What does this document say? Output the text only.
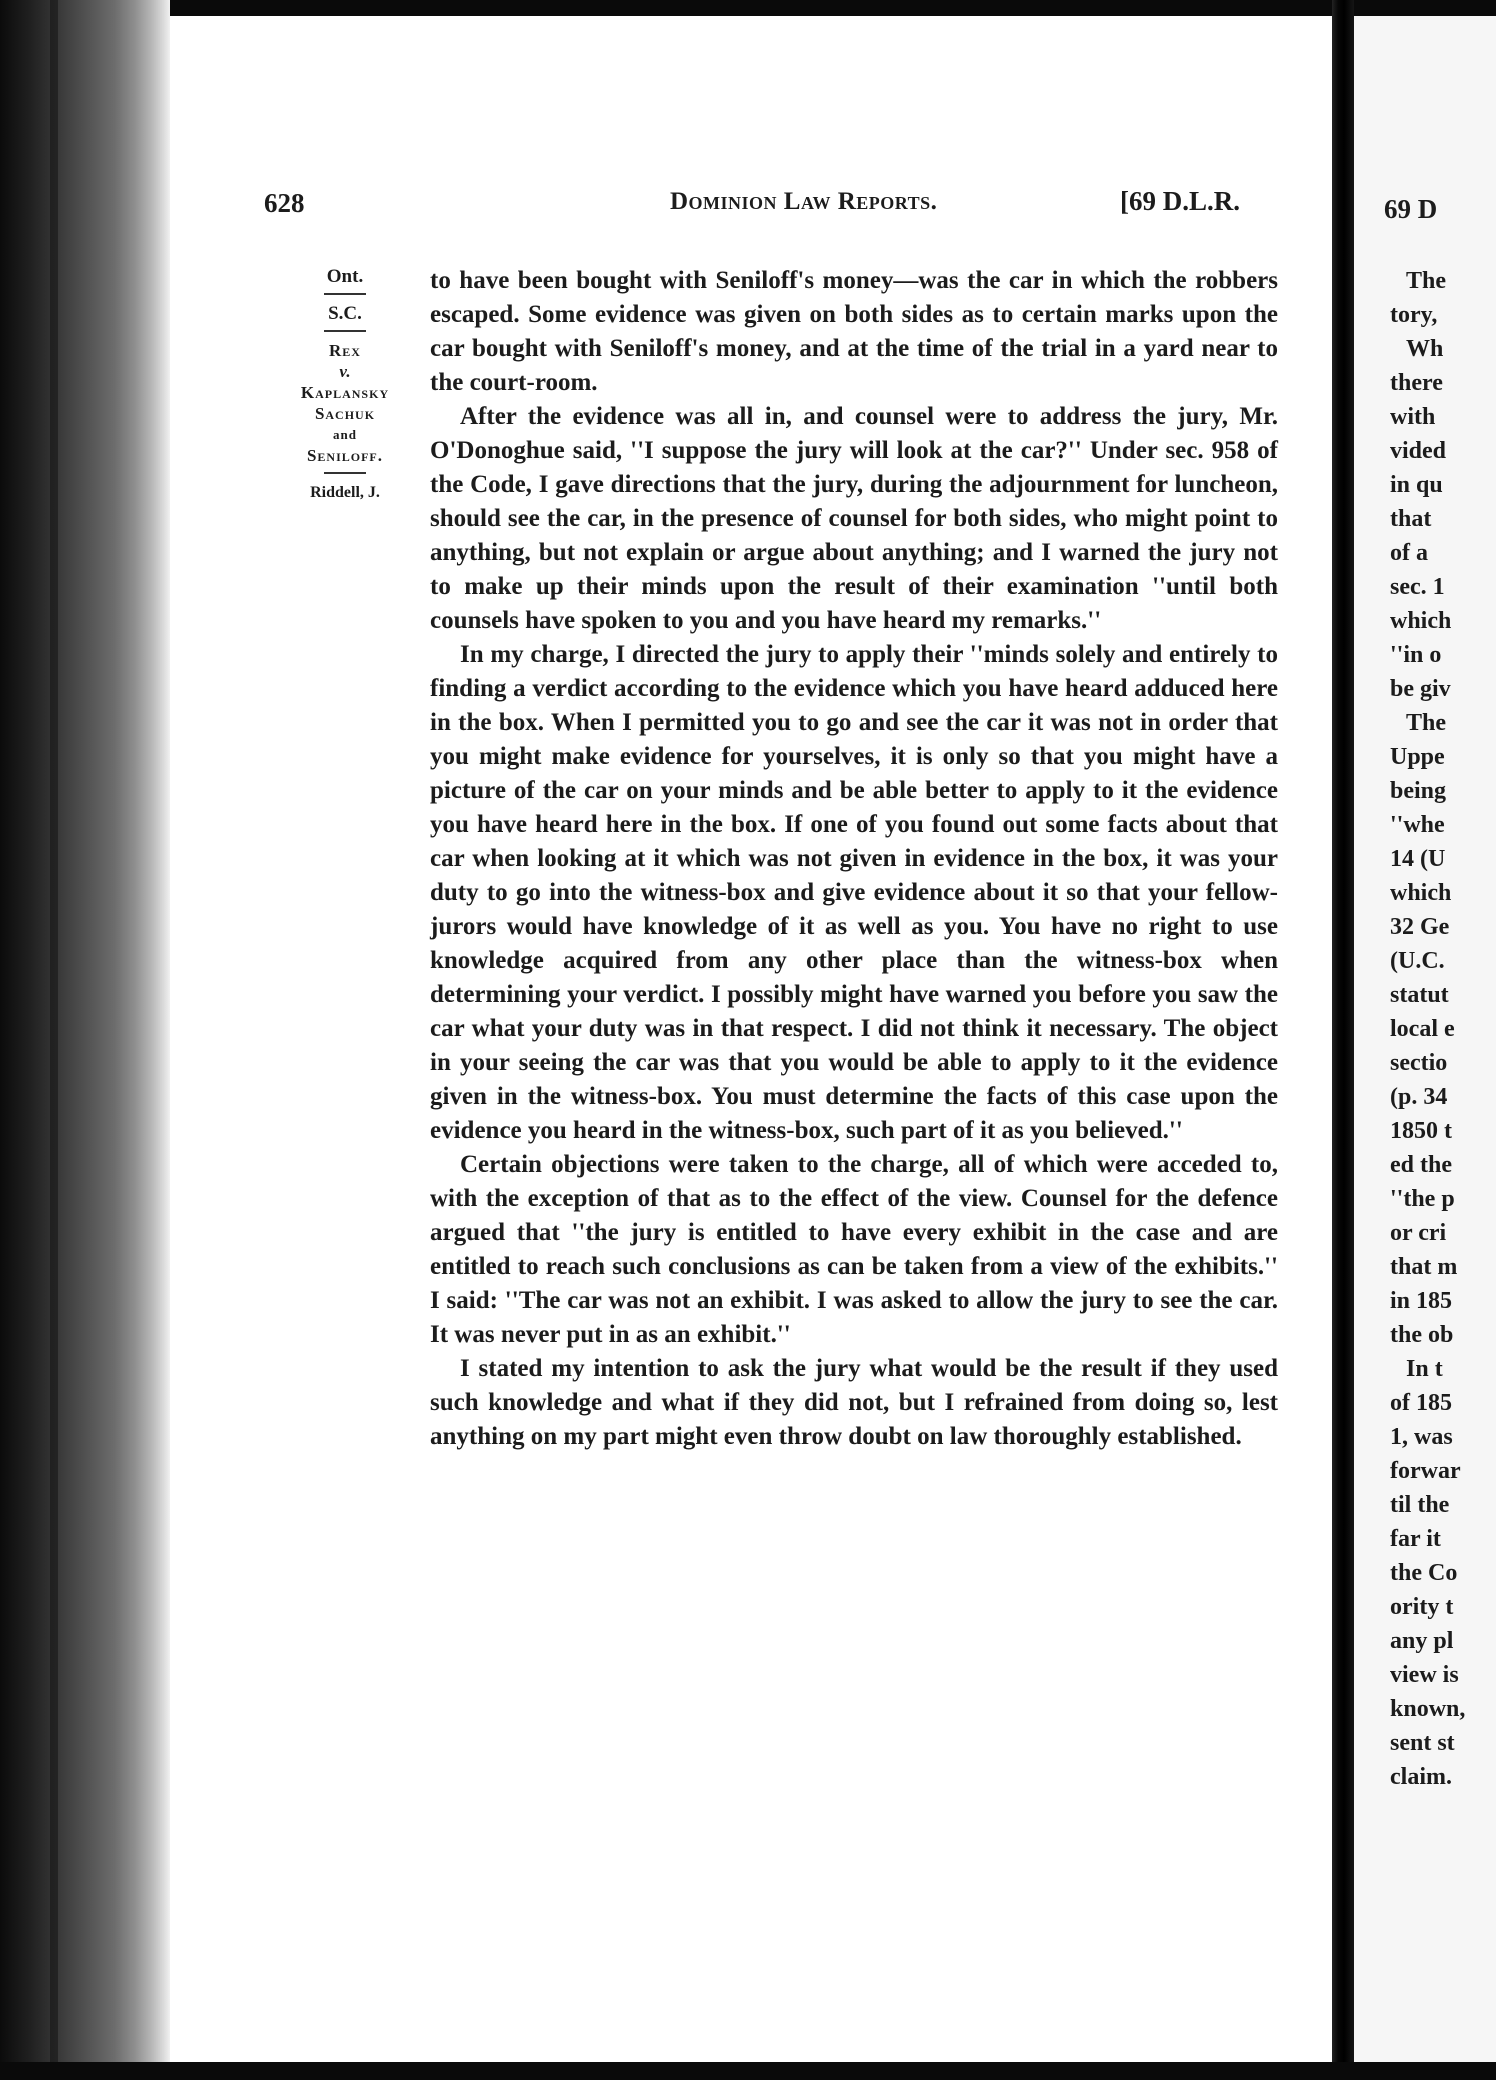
628	Dominion Law Reports.	[69 D.L.R.

Ont.
S.C.
Rex
v.
Kaplansky
Sachuk
and
Seniloff.
Riddell, J.

to have been bought with Seniloff's money—was the car in which the robbers escaped. Some evidence was given on both sides as to certain marks upon the car bought with Seniloff's money, and at the time of the trial in a yard near to the court-room.

After the evidence was all in, and counsel were to address the jury, Mr. O'Donoghue said, ''I suppose the jury will look at the car?'' Under sec. 958 of the Code, I gave directions that the jury, during the adjournment for luncheon, should see the car, in the presence of counsel for both sides, who might point to anything, but not explain or argue about anything; and I warned the jury not to make up their minds upon the result of their examination ''until both counsels have spoken to you and you have heard my remarks.''

In my charge, I directed the jury to apply their ''minds solely and entirely to finding a verdict according to the evidence which you have heard adduced here in the box. When I permitted you to go and see the car it was not in order that you might make evidence for yourselves, it is only so that you might have a picture of the car on your minds and be able better to apply to it the evidence you have heard here in the box. If one of you found out some facts about that car when looking at it which was not given in evidence in the box, it was your duty to go into the witness-box and give evidence about it so that your fellow-jurors would have knowledge of it as well as you. You have no right to use knowledge acquired from any other place than the witness-box when determining your verdict. I possibly might have warned you before you saw the car what your duty was in that respect. I did not think it necessary. The object in your seeing the car was that you would be able to apply to it the evidence given in the witness-box. You must determine the facts of this case upon the evidence you heard in the witness-box, such part of it as you believed.''

Certain objections were taken to the charge, all of which were acceded to, with the exception of that as to the effect of the view. Counsel for the defence argued that ''the jury is entitled to have every exhibit in the case and are entitled to reach such conclusions as can be taken from a view of the exhibits.'' I said: ''The car was not an exhibit. I was asked to allow the jury to see the car. It was never put in as an exhibit.''

I stated my intention to ask the jury what would be the result if they used such knowledge and what if they did not, but I refrained from doing so, lest anything on my part might even throw doubt on law thoroughly established.

69 D

The
tory,
Wh
there
with
vided
in qu
that
of a
sec. 1
which
''in o
be giv
The
Uppe
being
''whe
14 (U
which
32 Ge
(U.C.
statut
local e
sectio
(p. 34
1850 t
ed the
''the p
or cri
that m
in 185
the ob
In t
of 185
1, was
forwar
til the
far it
the Co
ority t
any pl
view is
known,
sent st
claim.
